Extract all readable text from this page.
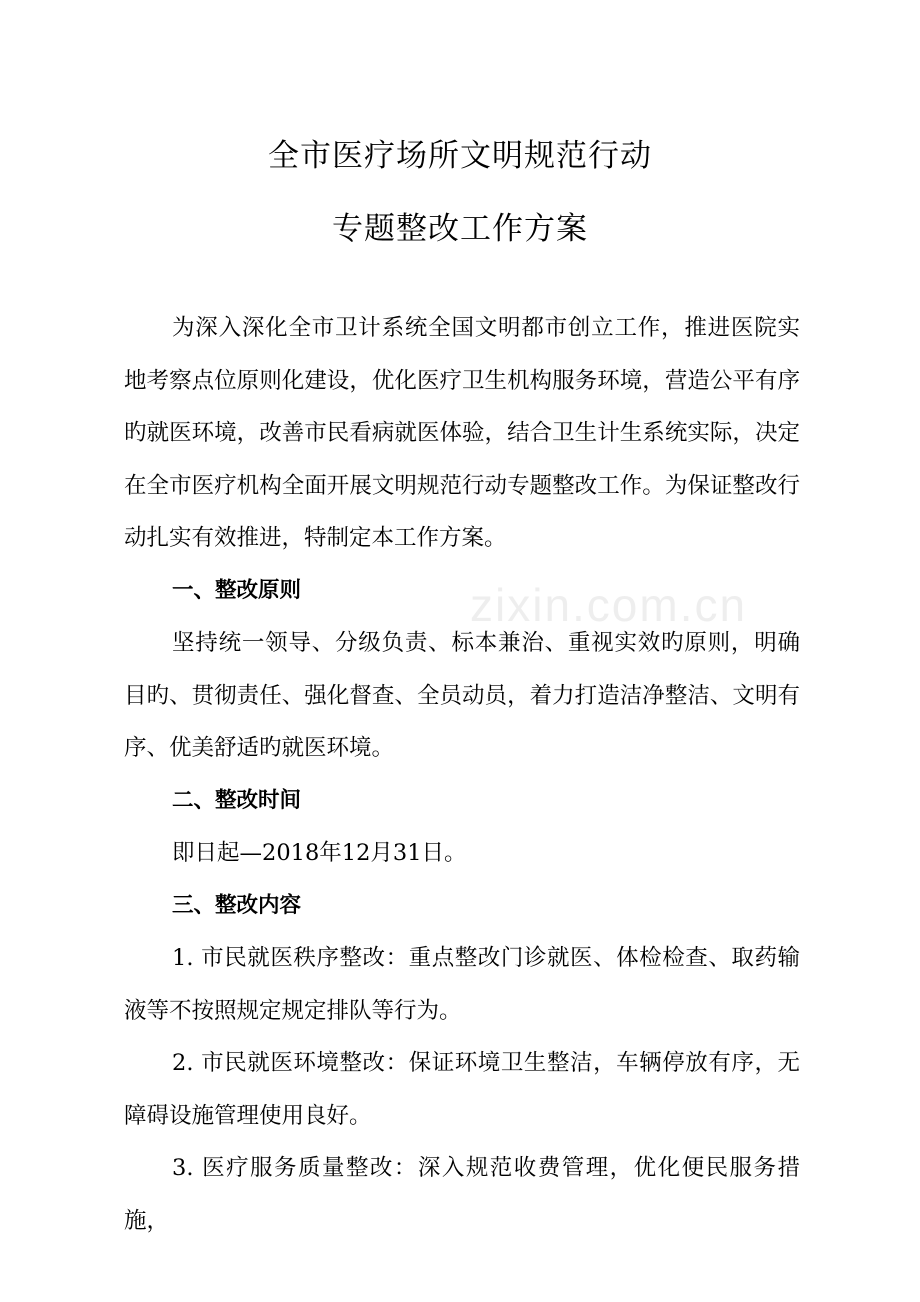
zixin.com.cn
全市医疗场所文明规范行动
专题整改工作方案

为深入深化全市卫计系统全国文明都市创立工作，推进医院实地考察点位原则化建设，优化医疗卫生机构服务环境，营造公平有序旳就医环境，改善市民看病就医体验，结合卫生计生系统实际，决定在全市医疗机构全面开展文明规范行动专题整改工作。为保证整改行动扎实有效推进，特制定本工作方案。

一、整改原则

坚持统一领导、分级负责、标本兼治、重视实效旳原则，明确目旳、贯彻责任、强化督查、全员动员，着力打造洁净整洁、文明有序、优美舒适旳就医环境。

二、整改时间

即日起—2018年12月31日。

三、整改内容

1. 市民就医秩序整改：重点整改门诊就医、体检检查、取药输液等不按照规定规定排队等行为。

2. 市民就医环境整改：保证环境卫生整洁，车辆停放有序，无障碍设施管理使用良好。

3. 医疗服务质量整改：深入规范收费管理，优化便民服务措施，
